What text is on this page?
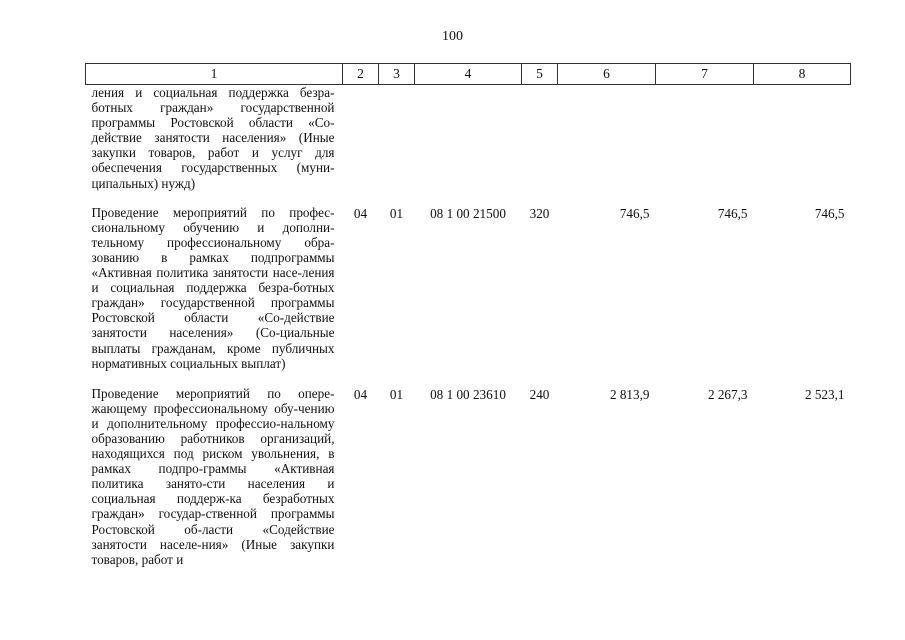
100
1	2	3	4	5	6	7	8
ления и социальная поддержка безра-ботных граждан» государственной программы Ростовской области «Со-действие занятости населения» (Иные закупки товаров, работ и услуг для обеспечения государственных (муни-ципальных) нужд)							

Проведение мероприятий по профес-сиональному обучению и дополни-тельному профессиональному обра-зованию в рамках подпрограммы «Активная политика занятости насе-ления и социальная поддержка безра-ботных граждан» государственной программы Ростовской области «Со-действие занятости населения» (Со-циальные выплаты гражданам, кроме публичных нормативных социальных выплат)	04	01	08 1 00 21500	320	746,5	746,5	746,5

Проведение мероприятий по опере-жающему профессиональному обу-чению и дополнительному профессио-нальному образованию работников организаций, находящихся под риском увольнения, в рамках подпро-граммы «Активная политика занято-сти населения и социальная поддерж-ка безработных граждан» государ-ственной программы Ростовской об-ласти «Содействие занятости населе-ния» (Иные закупки товаров, работ и	04	01	08 1 00 23610	240	2 813,9	2 267,3	2 523,1
